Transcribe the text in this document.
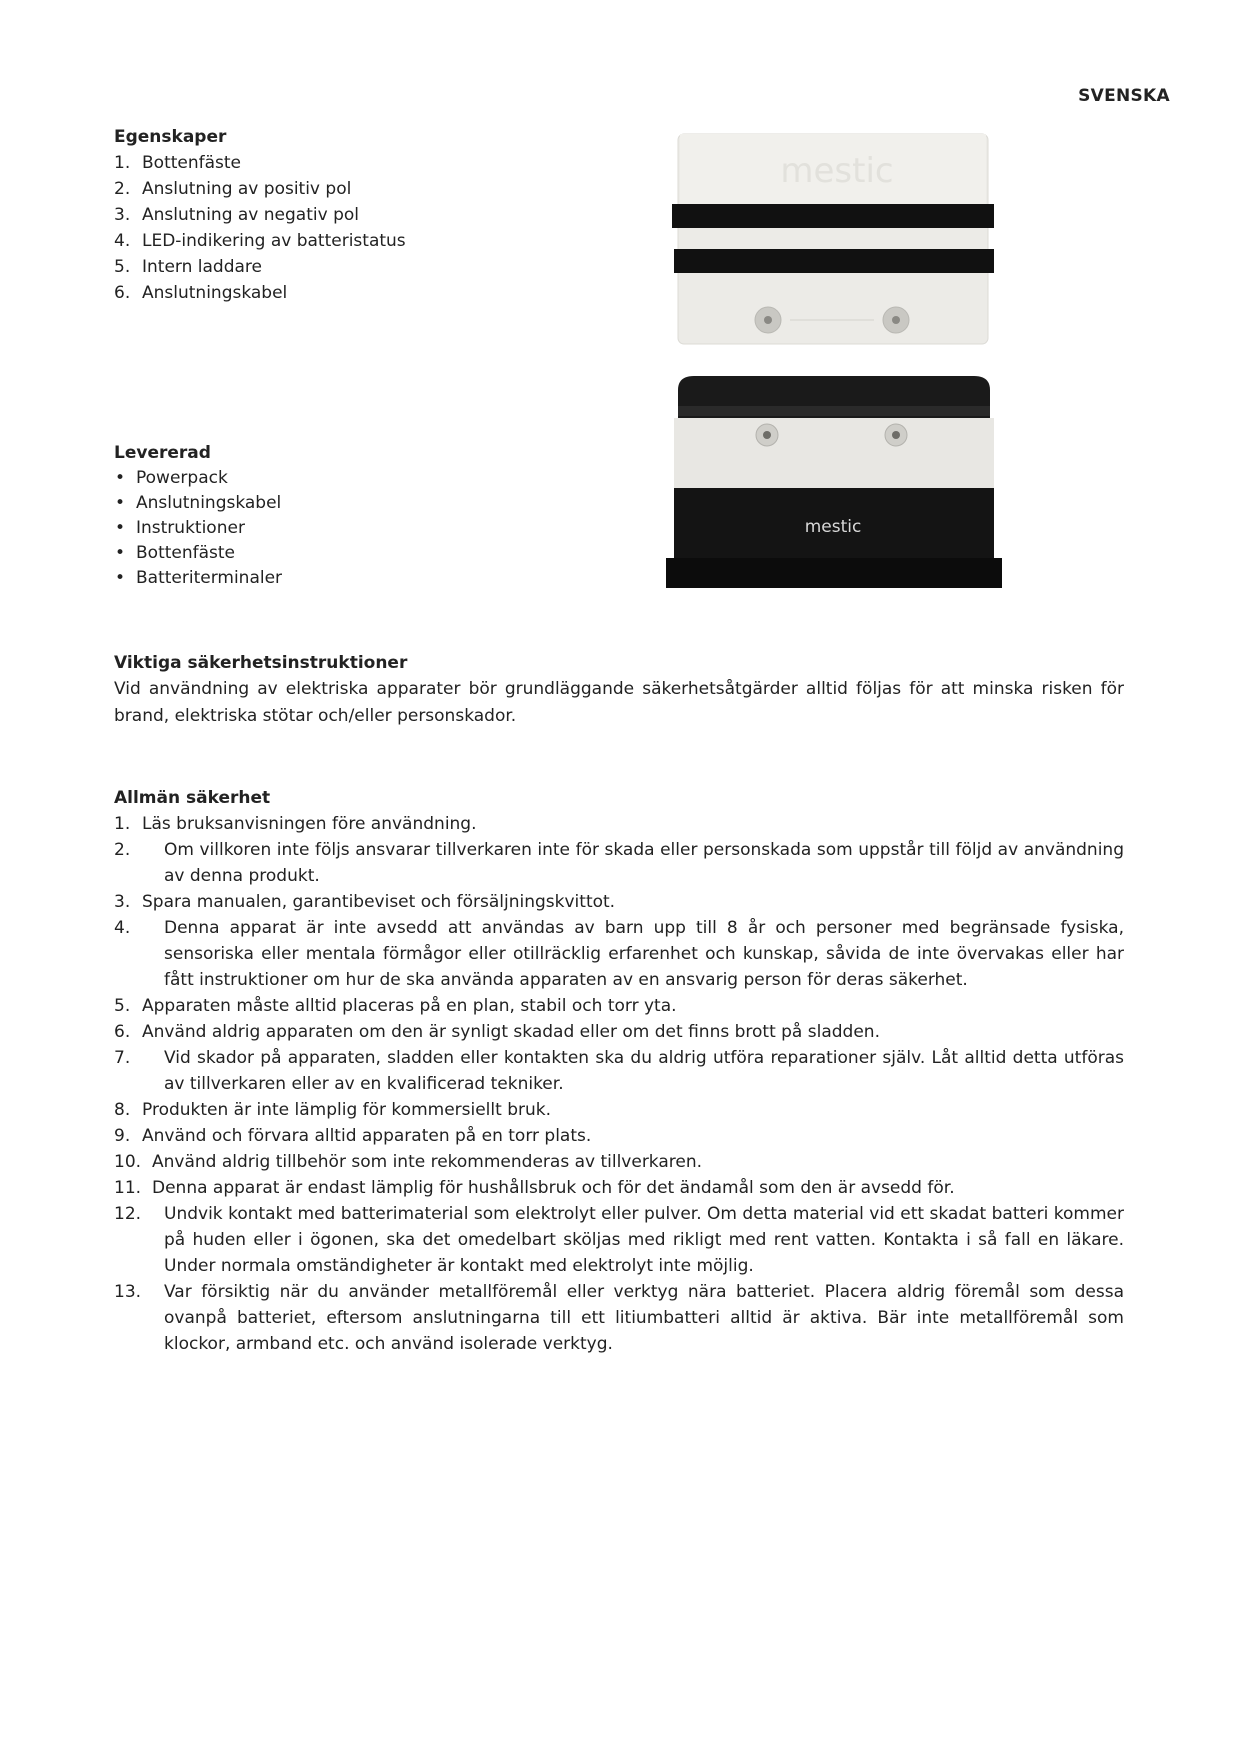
SVENSKA

Egenskaper

1. Bottenfäste
2. Anslutning av positiv pol
3. Anslutning av negativ pol
4. LED-indikering av batteristatus
5. Intern laddare
6. Anslutningskabel

Levererad

• Powerpack
• Anslutningskabel
• Instruktioner
• Bottenfäste
• Batteriterminaler
mestic
mestic

Viktiga säkerhetsinstruktioner

Vid användning av elektriska apparater bör grundläggande säkerhetsåtgärder alltid följas för att minska risken för brand, elektriska stötar och/eller personskador.

Allmän säkerhet

1. Läs bruksanvisningen före användning.
2. Om villkoren inte följs ansvarar tillverkaren inte för skada eller personskada som uppstår till följd av användning av denna produkt.
3. Spara manualen, garantibeviset och försäljningskvittot.
4. Denna apparat är inte avsedd att användas av barn upp till 8 år och personer med begränsade fysiska, sensoriska eller mentala förmågor eller otillräcklig erfarenhet och kunskap, såvida de inte övervakas eller har fått instruktioner om hur de ska använda apparaten av en ansvarig person för deras säkerhet.
5. Apparaten måste alltid placeras på en plan, stabil och torr yta.
6. Använd aldrig apparaten om den är synligt skadad eller om det finns brott på sladden.
7. Vid skador på apparaten, sladden eller kontakten ska du aldrig utföra reparationer själv. Låt alltid detta utföras av tillverkaren eller av en kvalificerad tekniker.
8. Produkten är inte lämplig för kommersiellt bruk.
9. Använd och förvara alltid apparaten på en torr plats.
10. Använd aldrig tillbehör som inte rekommenderas av tillverkaren.
11. Denna apparat är endast lämplig för hushållsbruk och för det ändamål som den är avsedd för.
12. Undvik kontakt med batterimaterial som elektrolyt eller pulver. Om detta material vid ett skadat batteri kommer på huden eller i ögonen, ska det omedelbart sköljas med rikligt med rent vatten. Kontakta i så fall en läkare. Under normala omständigheter är kontakt med elektrolyt inte möjlig.
13. Var försiktig när du använder metallföremål eller verktyg nära batteriet. Placera aldrig föremål som dessa ovanpå batteriet, eftersom anslutningarna till ett litiumbatteri alltid är aktiva. Bär inte metallföremål som klockor, armband etc. och använd isolerade verktyg.
